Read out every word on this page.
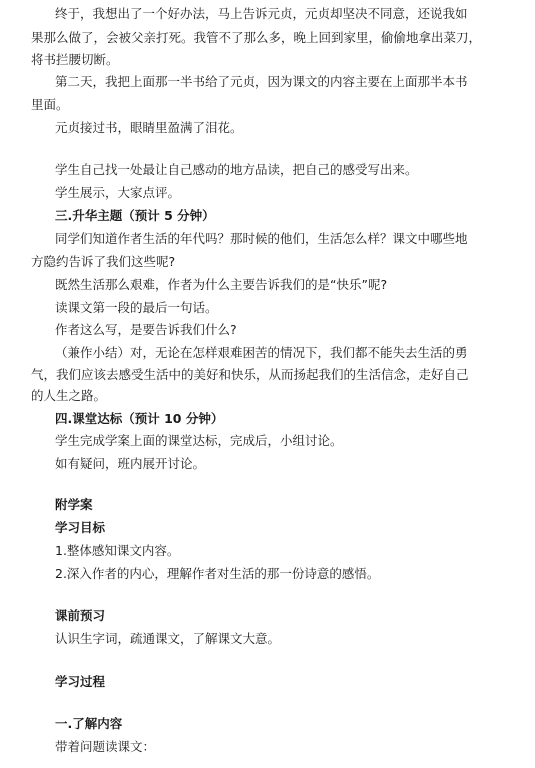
终于，我想出了一个好办法，马上告诉元贞，元贞却坚决不同意，还说我如
果那么做了，会被父亲打死。我管不了那么多，晚上回到家里，偷偷地拿出菜刀，
将书拦腰切断。
第二天，我把上面那一半书给了元贞，因为课文的内容主要在上面那半本书
里面。
元贞接过书，眼睛里盈满了泪花。
学生自己找一处最让自己感动的地方品读，把自己的感受写出来。
学生展示，大家点评。
三.升华主题（预计 5 分钟）
同学们知道作者生活的年代吗？那时候的他们，生活怎么样？课文中哪些地
方隐约告诉了我们这些呢?
既然生活那么艰难，作者为什么主要告诉我们的是“快乐”呢?
读课文第一段的最后一句话。
作者这么写，是要告诉我们什么?
（兼作小结）对，无论在怎样艰难困苦的情况下，我们都不能失去生活的勇
气，我们应该去感受生活中的美好和快乐，从而扬起我们的生活信念，走好自己
的人生之路。
四.课堂达标（预计 10 分钟）
学生完成学案上面的课堂达标，完成后，小组讨论。
如有疑问，班内展开讨论。
附学案
学习目标
1.整体感知课文内容。
2.深入作者的内心，理解作者对生活的那一份诗意的感悟。
课前预习
认识生字词，疏通课文，了解课文大意。
学习过程
一.了解内容
带着问题读课文：
